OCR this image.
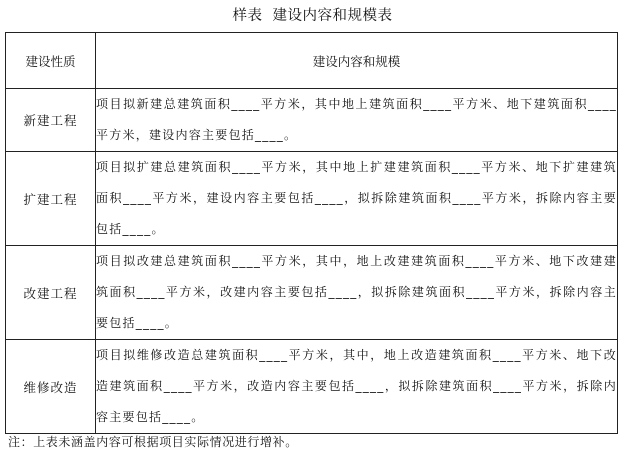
样表 建设内容和规模表
建设性质	建设内容和规模
新建工程	项目拟新建总建筑面积____平方米，其中地上建筑面积____平方米、地下建筑面积____平方米，建设内容主要包括____。
扩建工程	项目拟扩建总建筑面积____平方米，其中地上扩建建筑面积____平方米、地下扩建建筑面积____平方米，建设内容主要包括____，拟拆除建筑面积____平方米，拆除内容主要包括____。
改建工程	项目拟改建总建筑面积____平方米，其中，地上改建建筑面积____平方米、地下改建建筑面积____平方米，改建内容主要包括____，拟拆除建筑面积____平方米，拆除内容主要包括____。
维修改造	项目拟维修改造总建筑面积____平方米，其中，地上改造建筑面积____平方米、地下改造建筑面积____平方米，改造内容主要包括____，拟拆除建筑面积____平方米，拆除内容主要包括____。
注：上表未涵盖内容可根据项目实际情况进行增补。
